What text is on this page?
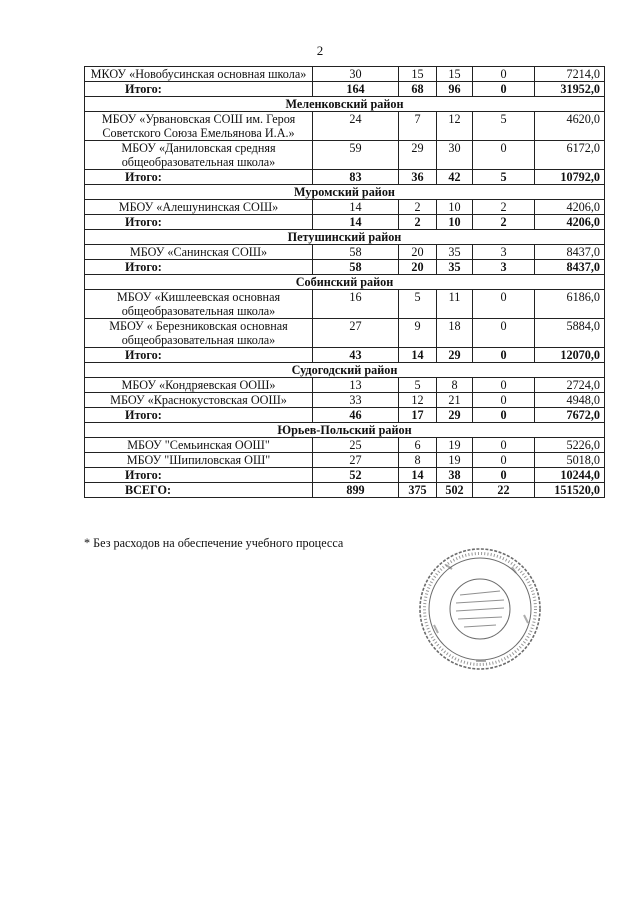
2
МКОУ «Новобусинская основная школа»	30	15	15	0	7214,0
Итого:	164	68	96	0	31952,0
Меленковский район					
МБОУ «Урвановская СОШ им. Героя Советского Союза Емельянова И.А.»	24	7	12	5	4620,0
МБОУ «Даниловская средняя общеобразовательная школа»	59	29	30	0	6172,0
Итого:	83	36	42	5	10792,0
Муромский район					
МБОУ «Алешунинская СОШ»	14	2	10	2	4206,0
Итого:	14	2	10	2	4206,0
Петушинский район					
МБОУ «Санинская СОШ»	58	20	35	3	8437,0
Итого:	58	20	35	3	8437,0
Собинский район					
МБОУ «Кишлеевская основная общеобразовательная школа»	16	5	11	0	6186,0
МБОУ « Березниковская основная общеобразовательная школа»	27	9	18	0	5884,0
Итого:	43	14	29	0	12070,0
Судогодский район					
МБОУ «Кондряевская ООШ»	13	5	8	0	2724,0
МБОУ «Краснокустовская ООШ»	33	12	21	0	4948,0
Итого:	46	17	29	0	7672,0
Юрьев-Польский район					
МБОУ "Семьинская ООШ"	25	6	19	0	5226,0
МБОУ "Шипиловская ОШ"	27	8	19	0	5018,0
Итого:	52	14	38	0	10244,0
ВСЕГО:	899	375	502	22	151520,0
* Без расходов на обеспечение учебного процесса
